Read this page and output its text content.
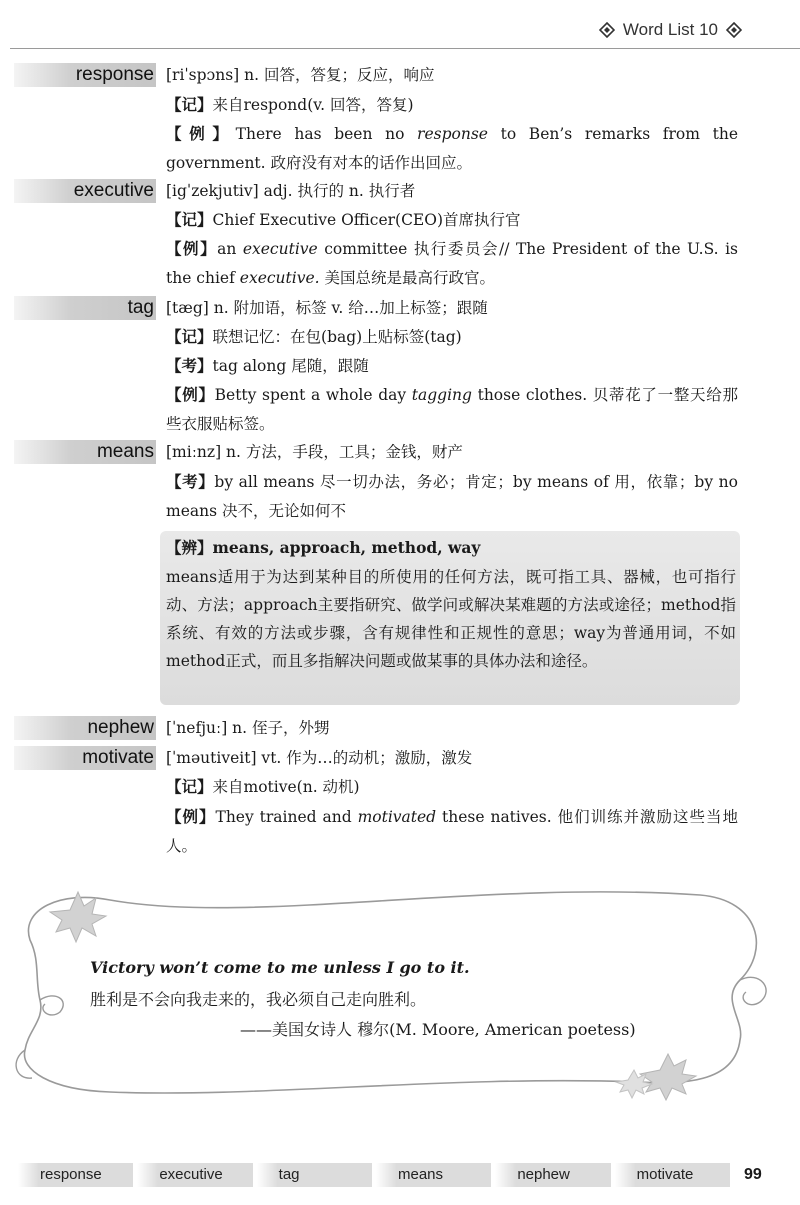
Word List 10
response [riˈspɔns] n. 回答，答复；反应，响应
【记】来自respond(v. 回答，答复)
【例】There has been no response to Ben’s remarks from the government. 政府没有对本的话作出回应。
executive [igˈzekjutiv] adj. 执行的 n. 执行者
【记】Chief Executive Officer(CEO)首席执行官
【例】an executive committee 执行委员会// The President of the U.S. is the chief executive. 美国总统是最高行政官。
tag [tæg] n. 附加语，标签 v. 给…加上标签；跟随
【记】联想记忆：在包(bag)上贴标签(tag)
【考】tag along 尾随，跟随
【例】Betty spent a whole day tagging those clothes. 贝蒂花了一整天给那些衣服贴标签。
means [miːnz] n. 方法，手段，工具；金钱，财产
【考】by all means 尽一切办法，务必；肯定；by means of 用，依靠；by no means 决不，无论如何不
【辨】means, approach, method, way
means适用于为达到某种目的所使用的任何方法，既可指工具、器械，也可指行动、方法；approach主要指研究、做学问或解决某难题的方法或途径；method指系统、有效的方法或步骤，含有规律性和正规性的意思；way为普通用词，不如method正式，而且多指解决问题或做某事的具体办法和途径。
nephew [ˈnefjuː] n. 侄子，外甥
motivate [ˈməutiveit] vt. 作为…的动机；激励，激发
【记】来自motive(n. 动机)
【例】They trained and motivated these natives. 他们训练并激励这些当地人。
Victory won’t come to me unless I go to it.
胜利是不会向我走来的，我必须自己走向胜利。
——美国女诗人 穆尔(M. Moore, American poetess)
response	executive	tag	means	nephew	motivate	99
